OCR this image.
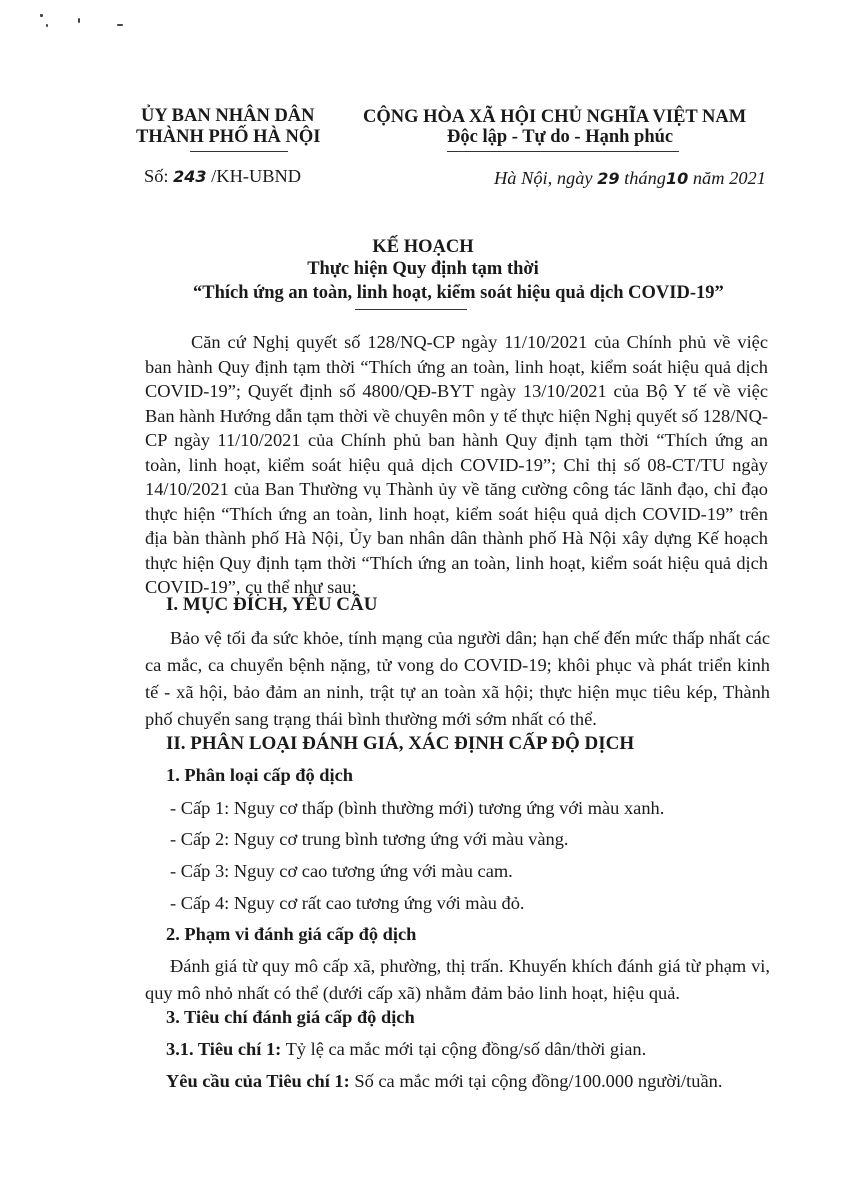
ỦY BAN NHÂN DÂN
THÀNH PHỐ HÀ NỘI
Số: 243 /KH-UBND
CỘNG HÒA XÃ HỘI CHỦ NGHĨA VIỆT NAM
Độc lập - Tự do - Hạnh phúc
Hà Nội, ngày 29 tháng10 năm 2021
KẾ HOẠCH
Thực hiện Quy định tạm thời
“Thích ứng an toàn, linh hoạt, kiểm soát hiệu quả dịch COVID-19”
Căn cứ Nghị quyết số 128/NQ-CP ngày 11/10/2021 của Chính phủ về việc ban hành Quy định tạm thời “Thích ứng an toàn, linh hoạt, kiểm soát hiệu quả dịch COVID-19”; Quyết định số 4800/QĐ-BYT ngày 13/10/2021 của Bộ Y tế về việc Ban hành Hướng dẫn tạm thời về chuyên môn y tế thực hiện Nghị quyết số 128/NQ-CP ngày 11/10/2021 của Chính phủ ban hành Quy định tạm thời “Thích ứng an toàn, linh hoạt, kiểm soát hiệu quả dịch COVID-19”; Chỉ thị số 08-CT/TU ngày 14/10/2021 của Ban Thường vụ Thành ủy về tăng cường công tác lãnh đạo, chỉ đạo thực hiện “Thích ứng an toàn, linh hoạt, kiểm soát hiệu quả dịch COVID-19” trên địa bàn thành phố Hà Nội, Ủy ban nhân dân thành phố Hà Nội xây dựng Kế hoạch thực hiện Quy định tạm thời “Thích ứng an toàn, linh hoạt, kiểm soát hiệu quả dịch COVID-19”, cụ thể như sau:
I. MỤC ĐÍCH, YÊU CẦU
Bảo vệ tối đa sức khỏe, tính mạng của người dân; hạn chế đến mức thấp nhất các ca mắc, ca chuyển bệnh nặng, tử vong do COVID-19; khôi phục và phát triển kinh tế - xã hội, bảo đảm an ninh, trật tự an toàn xã hội; thực hiện mục tiêu kép, Thành phố chuyển sang trạng thái bình thường mới sớm nhất có thể.
II. PHÂN LOẠI ĐÁNH GIÁ, XÁC ĐỊNH CẤP ĐỘ DỊCH
1. Phân loại cấp độ dịch
- Cấp 1: Nguy cơ thấp (bình thường mới) tương ứng với màu xanh.
- Cấp 2: Nguy cơ trung bình tương ứng với màu vàng.
- Cấp 3: Nguy cơ cao tương ứng với màu cam.
- Cấp 4: Nguy cơ rất cao tương ứng với màu đỏ.
2. Phạm vi đánh giá cấp độ dịch
Đánh giá từ quy mô cấp xã, phường, thị trấn. Khuyến khích đánh giá từ phạm vi, quy mô nhỏ nhất có thể (dưới cấp xã) nhằm đảm bảo linh hoạt, hiệu quả.
3. Tiêu chí đánh giá cấp độ dịch
3.1. Tiêu chí 1: Tỷ lệ ca mắc mới tại cộng đồng/số dân/thời gian.
Yêu cầu của Tiêu chí 1: Số ca mắc mới tại cộng đồng/100.000 người/tuần.
